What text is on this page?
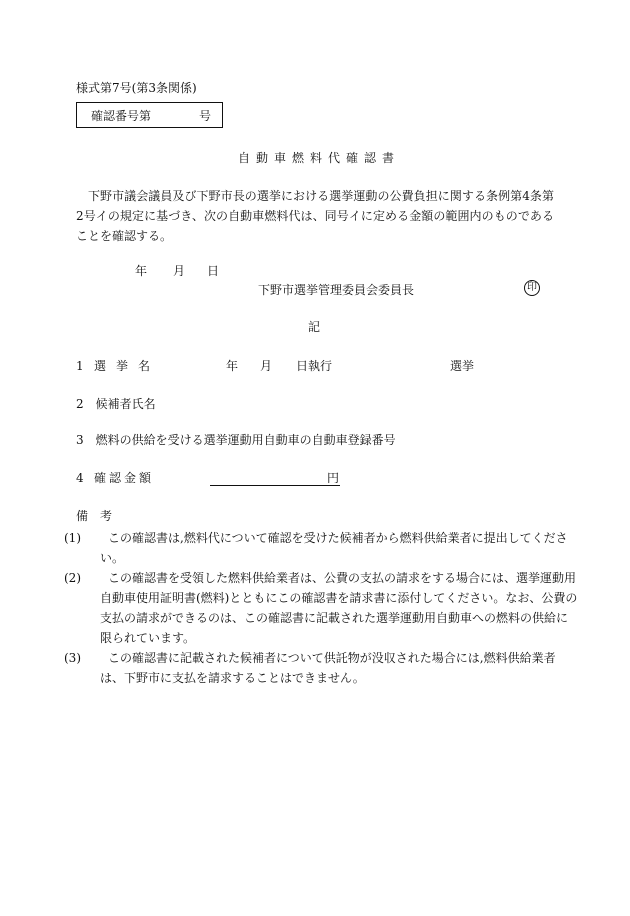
様式第7号(第3条関係)
確認番号第	号
自動車燃料代確認書
下野市議会議員及び下野市長の選挙における選挙運動の公費負担に関する条例第4条第2号イの規定に基づき、次の自動車燃料代は、同号イに定める金額の範囲内のものであることを確認する。
年 月 日
下野市選挙管理委員会委員長	印
記
1 選挙名	年 月 日執行	選挙
2　候補者氏名
3　燃料の供給を受ける選挙運動用自動車の自動車登録番号
4 確認金額	円
備考
(1) この確認書は,燃料代について確認を受けた候補者から燃料供給業者に提出してください。
(2) この確認書を受領した燃料供給業者は、公費の支払の請求をする場合には、選挙運動用自動車使用証明書(燃料)とともにこの確認書を請求書に添付してください。なお、公費の支払の請求ができるのは、この確認書に記載された選挙運動用自動車への燃料の供給に限られています。
(3) この確認書に記載された候補者について供託物が没収された場合には,燃料供給業者は、下野市に支払を請求することはできません。
